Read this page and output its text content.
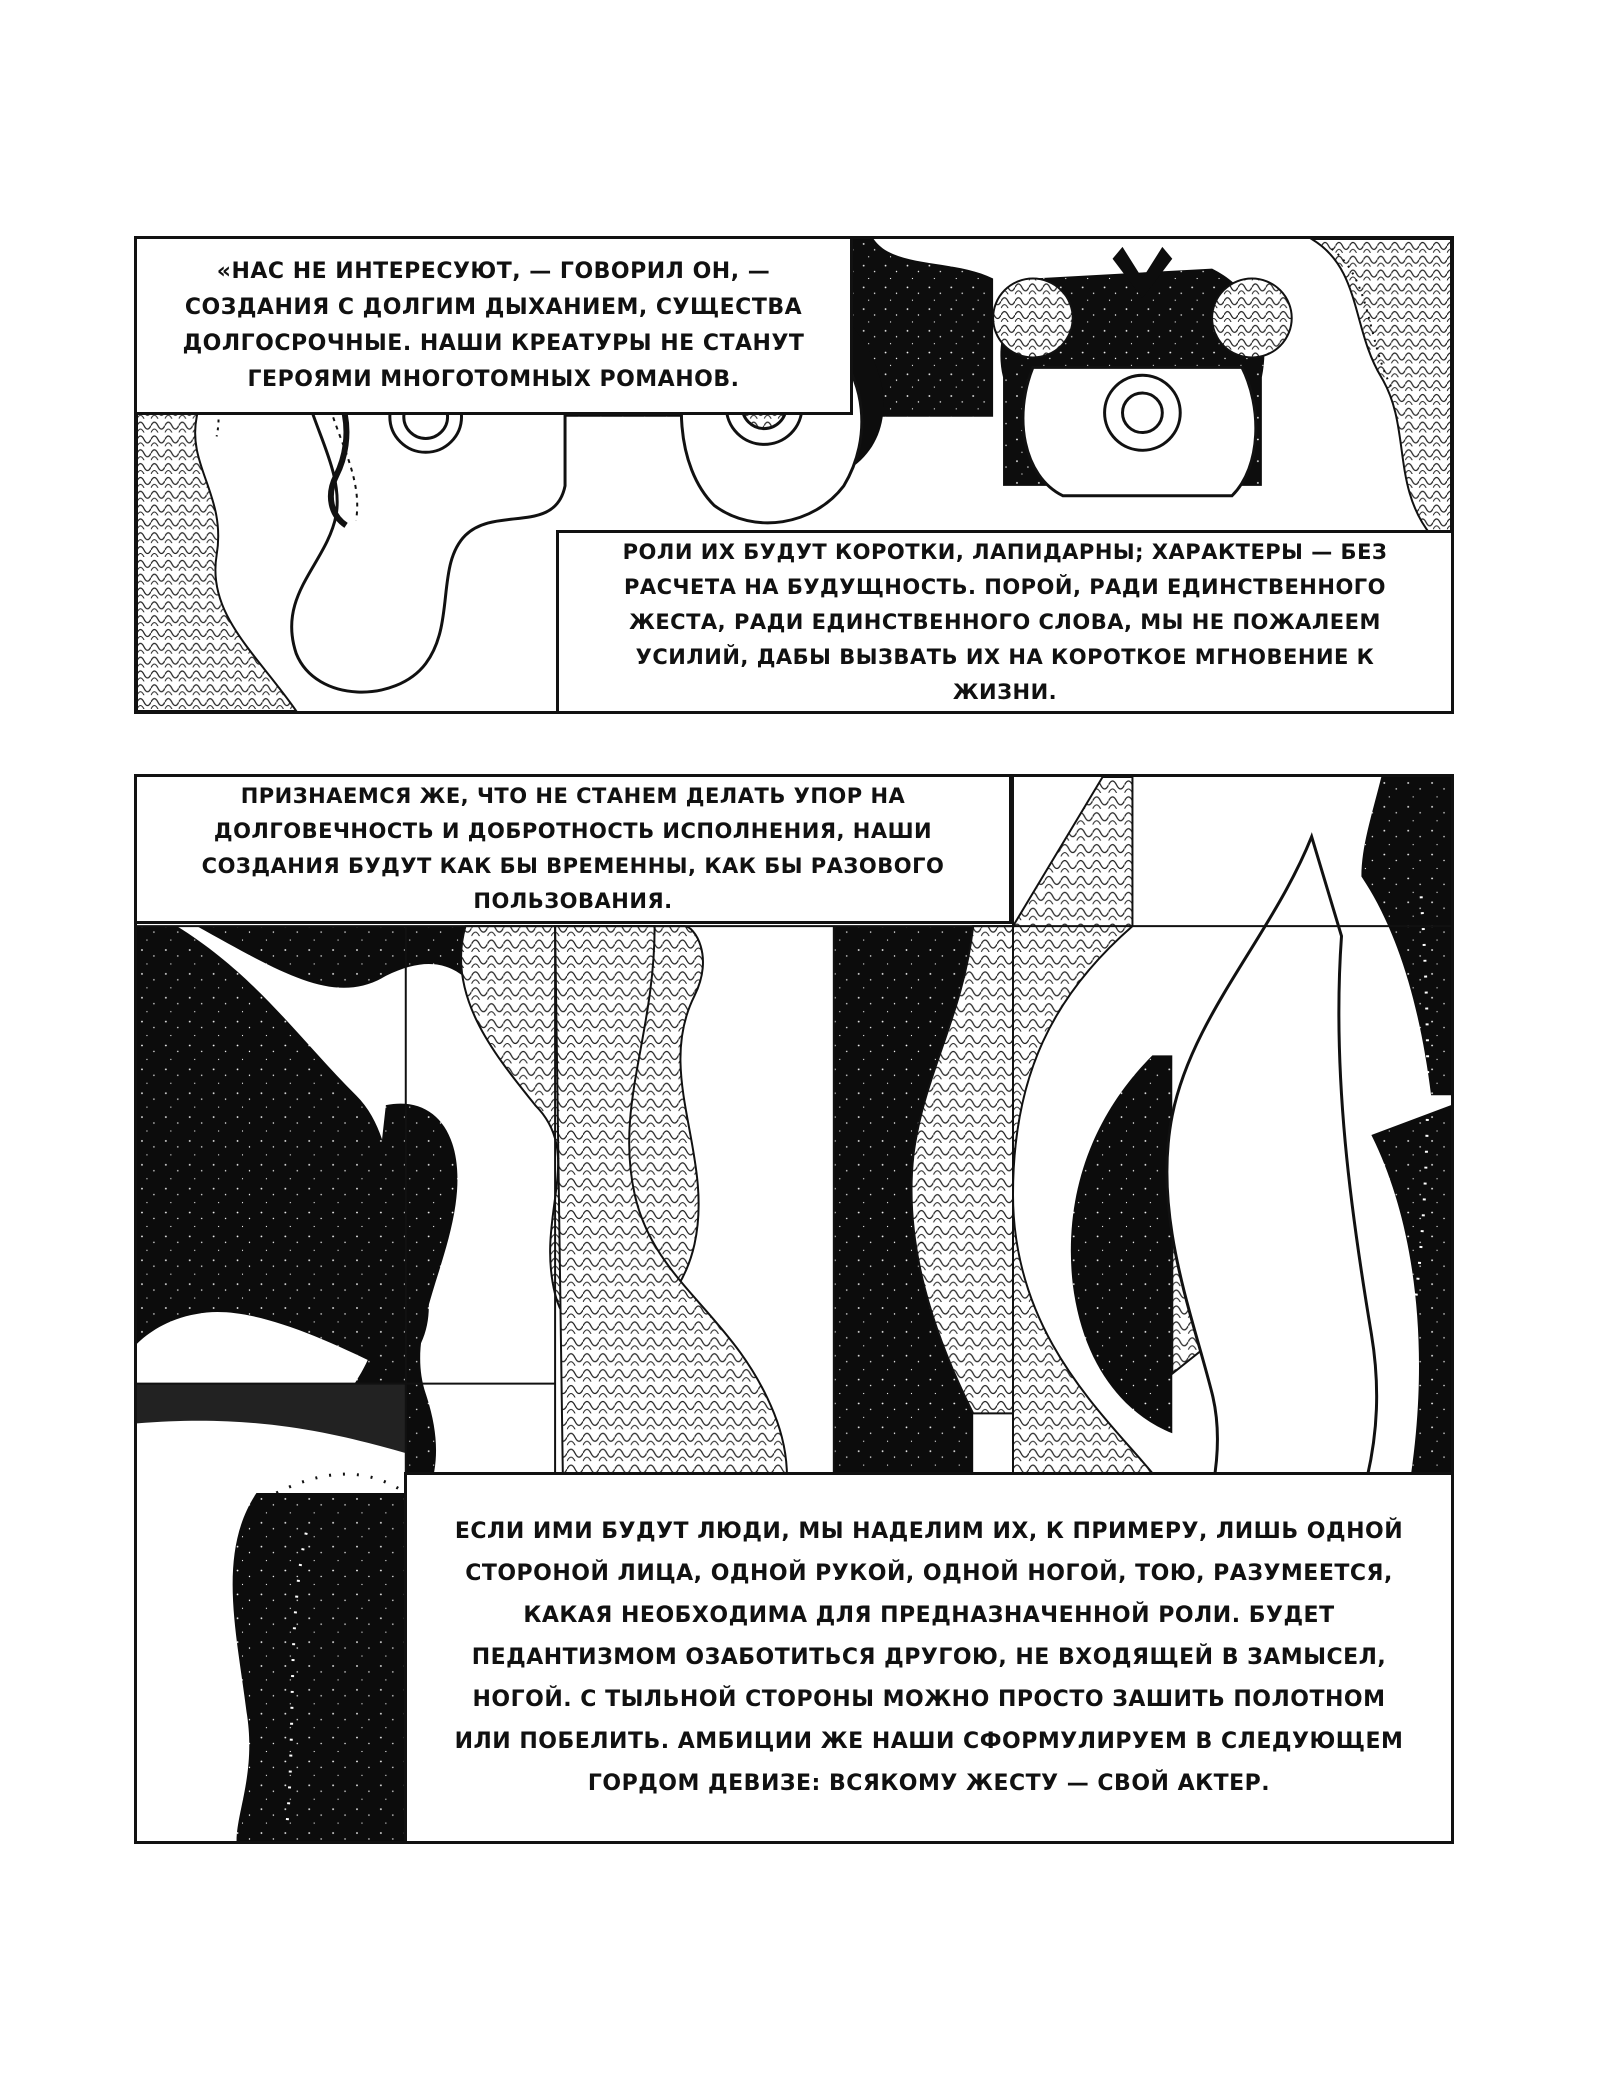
«НАС НЕ ИНТЕРЕСУЮТ, — ГОВОРИЛ ОН, — СОЗДАНИЯ С ДОЛГИМ ДЫХАНИЕМ, СУЩЕСТВА ДОЛГОСРОЧНЫЕ. НАШИ КРЕАТУРЫ НЕ СТАНУТ ГЕРОЯМИ МНОГОТОМНЫХ РОМАНОВ.
РОЛИ ИХ БУДУТ КОРОТКИ, ЛАПИДАРНЫ; ХАРАКТЕРЫ — БЕЗ РАСЧЕТА НА БУДУЩНОСТЬ. ПОРОЙ, РАДИ ЕДИНСТВЕННОГО ЖЕСТА, РАДИ ЕДИНСТВЕННОГО СЛОВА, МЫ НЕ ПОЖАЛЕЕМ УСИЛИЙ, ДАБЫ ВЫЗВАТЬ ИХ НА КОРОТКОЕ МГНОВЕНИЕ К ЖИЗНИ.
ПРИЗНАЕМСЯ ЖЕ, ЧТО НЕ СТАНЕМ ДЕЛАТЬ УПОР НА ДОЛГОВЕЧНОСТЬ И ДОБРОТНОСТЬ ИСПОЛНЕНИЯ, НАШИ СОЗДАНИЯ БУДУТ КАК БЫ ВРЕМЕННЫ, КАК БЫ РАЗОВОГО ПОЛЬЗОВАНИЯ.
ЕСЛИ ИМИ БУДУТ ЛЮДИ, МЫ НАДЕЛИМ ИХ, К ПРИМЕРУ, ЛИШЬ ОДНОЙ СТОРОНОЙ ЛИЦА, ОДНОЙ РУКОЙ, ОДНОЙ НОГОЙ, ТОЮ, РАЗУМЕЕТСЯ, КАКАЯ НЕОБХОДИМА ДЛЯ ПРЕДНАЗНАЧЕННОЙ РОЛИ. БУДЕТ ПЕДАНТИЗМОМ ОЗАБОТИТЬСЯ ДРУГОЮ, НЕ ВХОДЯЩЕЙ В ЗАМЫСЕЛ, НОГОЙ. С ТЫЛЬНОЙ СТОРОНЫ МОЖНО ПРОСТО ЗАШИТЬ ПОЛОТНОМ ИЛИ ПОБЕЛИТЬ. АМБИЦИИ ЖЕ НАШИ СФОРМУЛИРУЕМ В СЛЕДУЮЩЕМ ГОРДОМ ДЕВИЗЕ: ВСЯКОМУ ЖЕСТУ — СВОЙ АКТЕР.
